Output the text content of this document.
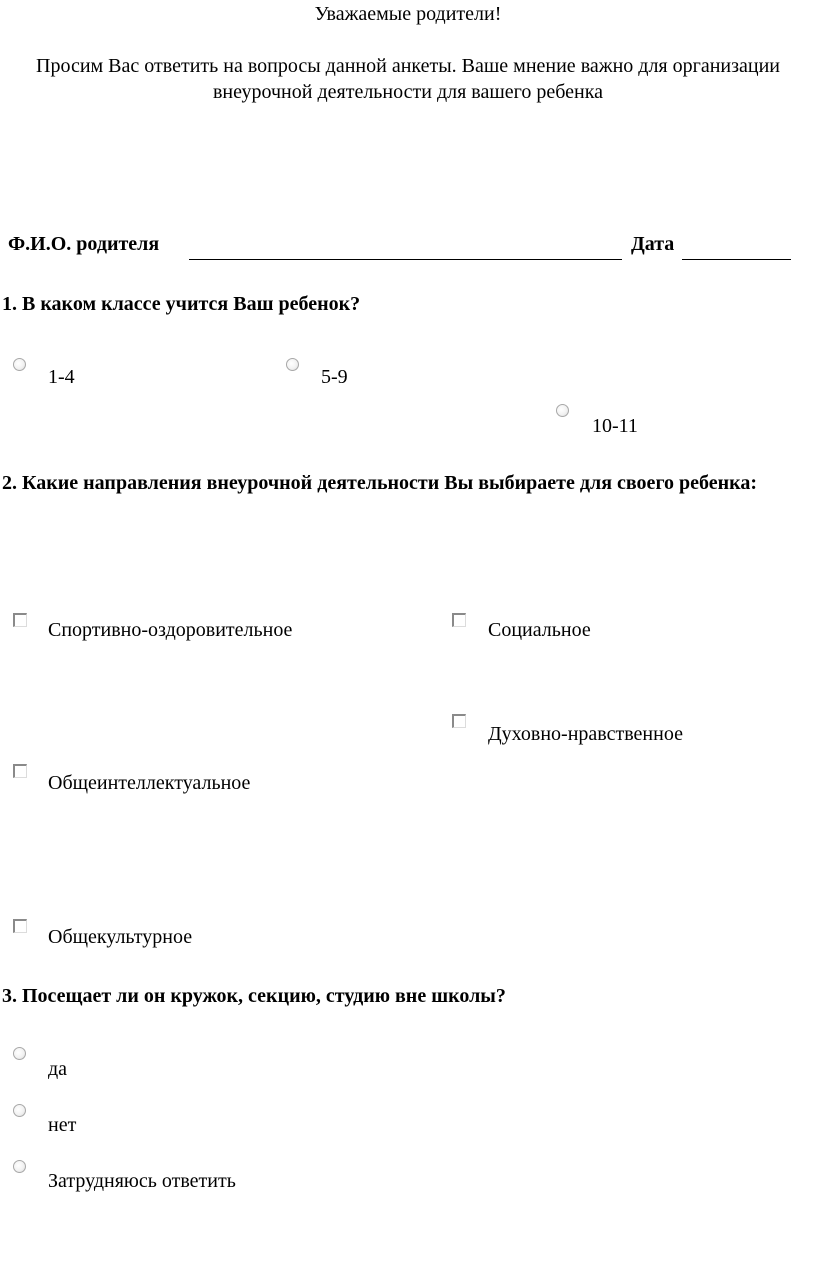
Уважаемые родители!
Просим Вас ответить на вопросы данной анкеты. Ваше мнение важно для организации внеурочной деятельности для вашего ребенка
Ф.И.О. родителя	Дата
1. В каком классе учится Ваш ребенок?
1-4	5-9
10-11
2. Какие направления внеурочной деятельности Вы выбираете для своего ребенка:
Спортивно-оздоровительное	Социальное
Духовно-нравственное
Общеинтеллектуальное
Общекультурное
3. Посещает ли он кружок, секцию, студию вне школы?
да
нет
Затрудняюсь ответить
